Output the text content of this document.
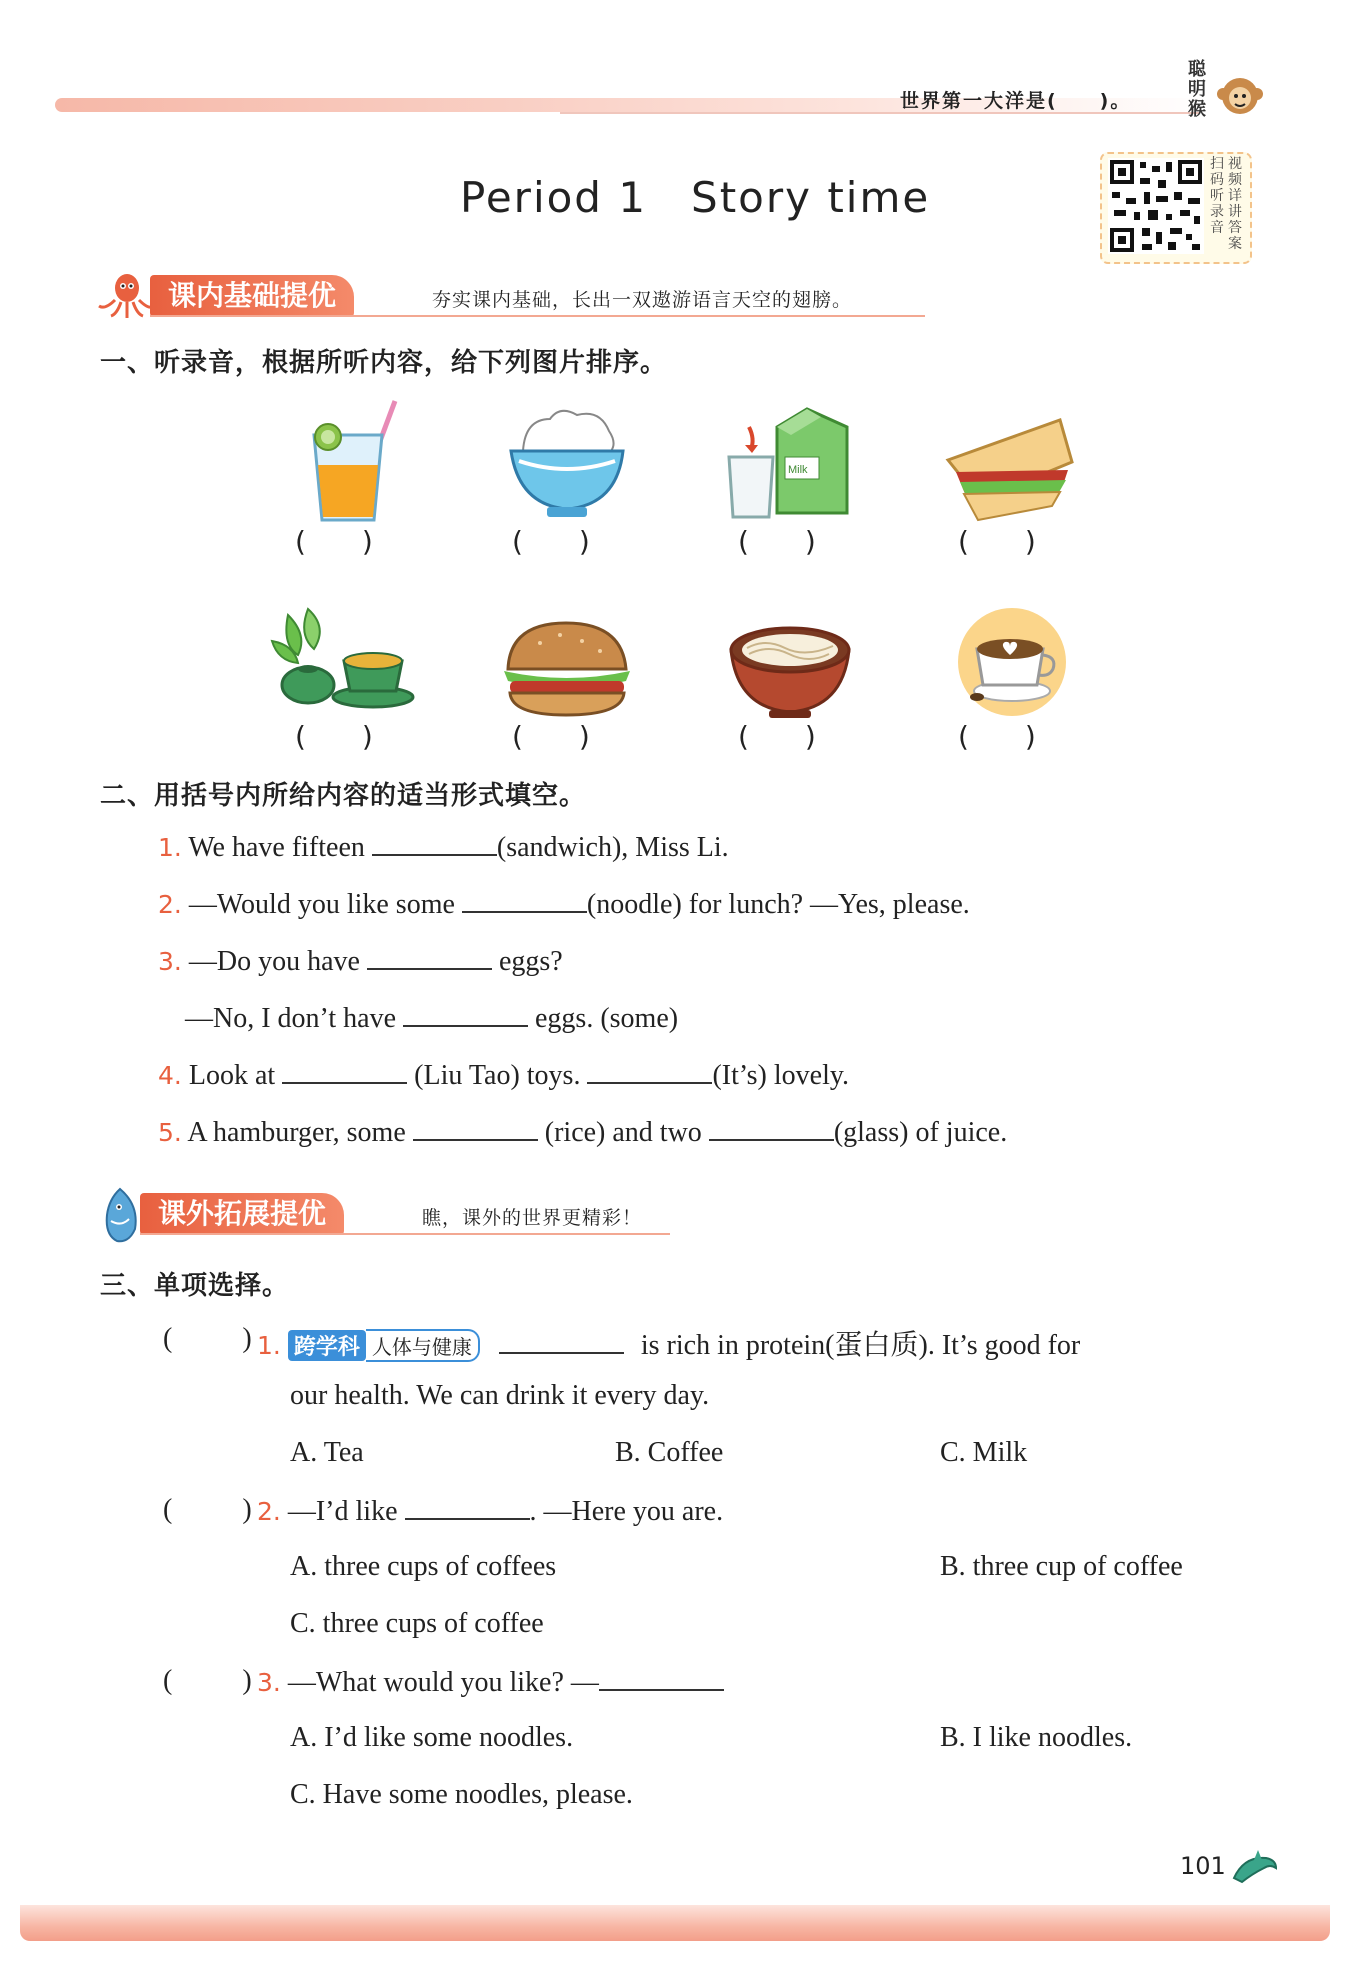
世界第一大洋是(　　)。
聪明猴
Period 1　Story time
扫码听录音
视频详讲答案
课内基础提优	夯实课内基础，长出一双遨游语言天空的翅膀。
一、听录音，根据所听内容，给下列图片排序。
Milk
(　　)	(　　)	(　　)	(　　)
(　　)	(　　)	(　　)	(　　)
二、用括号内所给内容的适当形式填空。
1. We have fifteen	(sandwich), Miss Li.
2. —Would you like some	(noodle) for lunch? —Yes, please.
3. —Do you have	eggs?
—No, I don’t have	eggs. (some)
4. Look at	(Liu Tao) toys.	(It’s) lovely.
5. A hamburger, some	(rice) and two	(glass) of juice.
课外拓展提优	瞧，课外的世界更精彩！
三、单项选择。
(	) 1. 跨学科 人体与健康	is rich in protein(蛋白质). It’s good for
our health. We can drink it every day.
A. Tea	B. Coffee	C. Milk
(	) 2. —I’d like	. —Here you are.
A. three cups of coffees	B. three cup of coffee
C. three cups of coffee
(	) 3. —What would you like? —
A. I’d like some noodles.	B. I like noodles.
C. Have some noodles, please.
101
